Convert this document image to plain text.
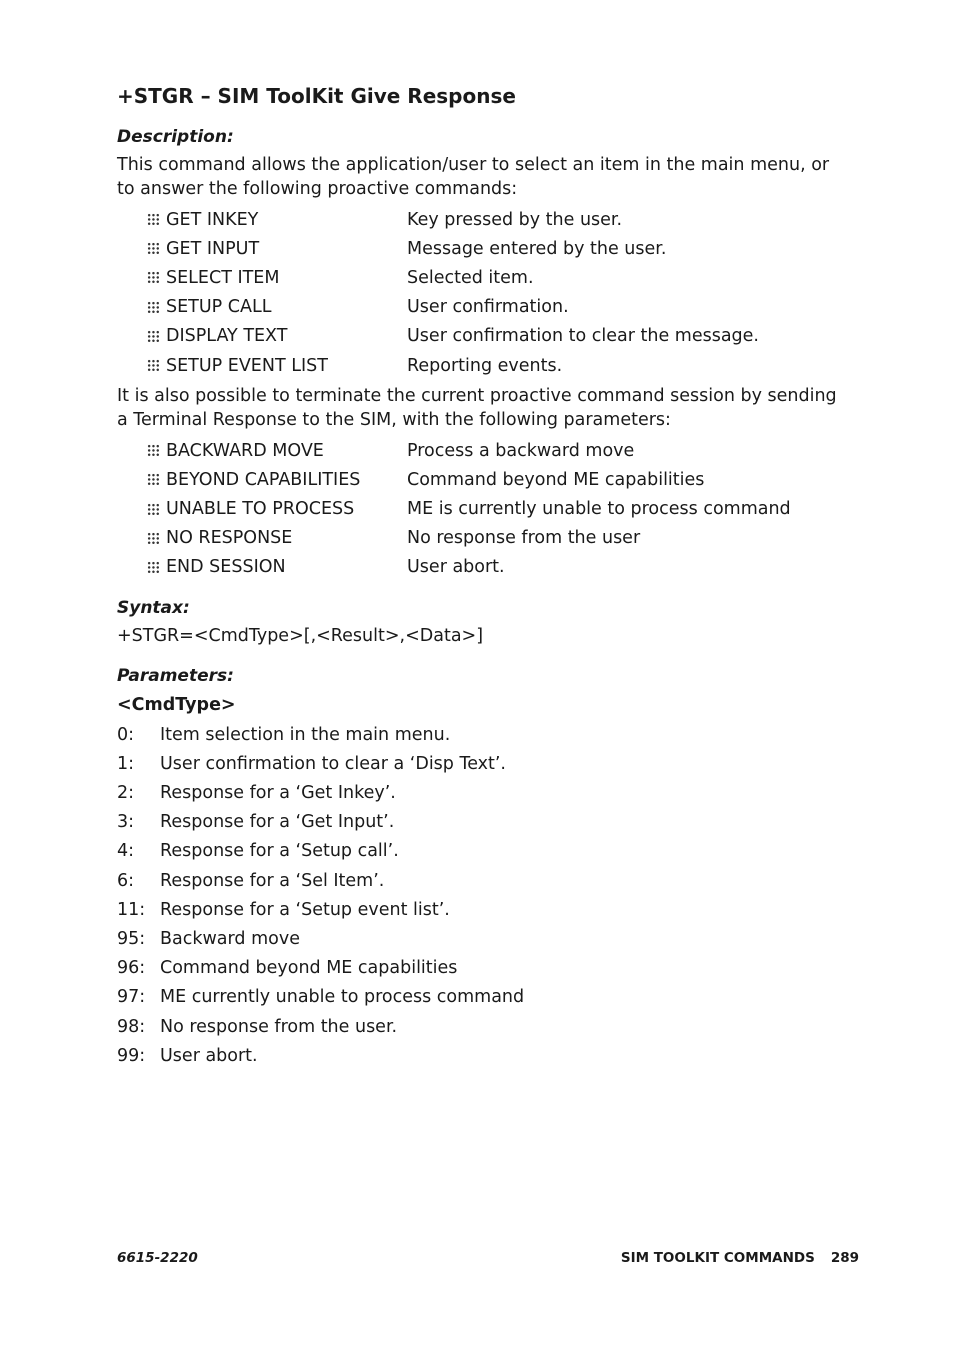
+STGR – SIM ToolKit Give Response
Description:

This command allows the application/user to select an item in the main menu, or to answer the following proactive commands:

GET INKEY	Key pressed by the user.
GET INPUT	Message entered by the user.
SELECT ITEM	Selected item.
SETUP CALL	User confirmation.
DISPLAY TEXT	User confirmation to clear the message.
SETUP EVENT LIST	Reporting events.

It is also possible to terminate the current proactive command session by sending a Terminal Response to the SIM, with the following parameters:

BACKWARD MOVE	Process a backward move
BEYOND CAPABILITIES	Command beyond ME capabilities
UNABLE TO PROCESS	ME is currently unable to process command
NO RESPONSE	No response from the user
END SESSION	User abort.
Syntax:
+STGR=<CmdType>[,<Result>,<Data>]
Parameters:
<CmdType>
0:	Item selection in the main menu.
1:	User confirmation to clear a ‘Disp Text’.
2:	Response for a ‘Get Inkey’.
3:	Response for a ‘Get Input’.
4:	Response for a ‘Setup call’.
6:	Response for a ‘Sel Item’.
11: Response for a ‘Setup event list’.
95: Backward move
96: Command beyond ME capabilities
97: ME currently unable to process command
98: No response from the user.
99: User abort.
6615-2220	SIM TOOLKIT COMMANDS 289
